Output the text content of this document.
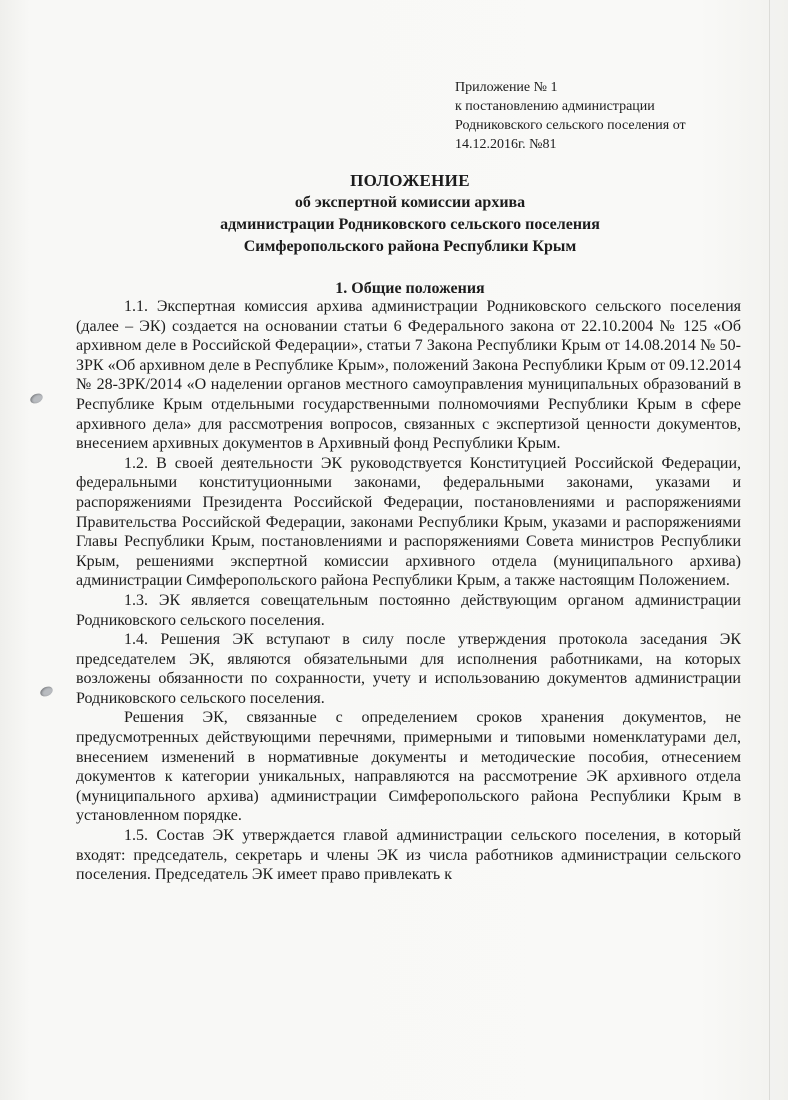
Приложение № 1
к постановлению администрации
Родниковского сельского поселения от
14.12.2016г. №81
ПОЛОЖЕНИЕ
об экспертной комиссии архива
администрации Родниковского сельского поселения
Симферопольского района Республики Крым
1. Общие положения

1.1. Экспертная комиссия архива администрации Родниковского сельского поселения (далее – ЭК) создается на основании статьи 6 Федерального закона от 22.10.2004 № 125 «Об архивном деле в Российской Федерации», статьи 7 Закона Республики Крым от 14.08.2014 № 50-ЗРК «Об архивном деле в Республике Крым», положений Закона Республики Крым от 09.12.2014 № 28-ЗРК/2014 «О наделении органов местного самоуправления муниципальных образований в Республике Крым отдельными государственными полномочиями Республики Крым в сфере архивного дела» для рассмотрения вопросов, связанных с экспертизой ценности документов, внесением архивных документов в Архивный фонд Республики Крым.

1.2. В своей деятельности ЭК руководствуется Конституцией Российской Федерации, федеральными конституционными законами, федеральными законами, указами и распоряжениями Президента Российской Федерации, постановлениями и распоряжениями Правительства Российской Федерации, законами Республики Крым, указами и распоряжениями Главы Республики Крым, постановлениями и распоряжениями Совета министров Республики Крым, решениями экспертной комиссии архивного отдела (муниципального архива) администрации Симферопольского района Республики Крым, а также настоящим Положением.

1.3. ЭК является совещательным постоянно действующим органом администрации Родниковского сельского поселения.

1.4. Решения ЭК вступают в силу после утверждения протокола заседания ЭК председателем ЭК, являются обязательными для исполнения работниками, на которых возложены обязанности по сохранности, учету и использованию документов администрации Родниковского сельского поселения.

Решения ЭК, связанные с определением сроков хранения документов, не предусмотренных действующими перечнями, примерными и типовыми номенклатурами дел, внесением изменений в нормативные документы и методические пособия, отнесением документов к категории уникальных, направляются на рассмотрение ЭК архивного отдела (муниципального архива) администрации Симферопольского района Республики Крым в установленном порядке.

1.5. Состав ЭК утверждается главой администрации сельского поселения, в который входят: председатель, секретарь и члены ЭК из числа работников администрации сельского поселения. Председатель ЭК имеет право привлекать к
